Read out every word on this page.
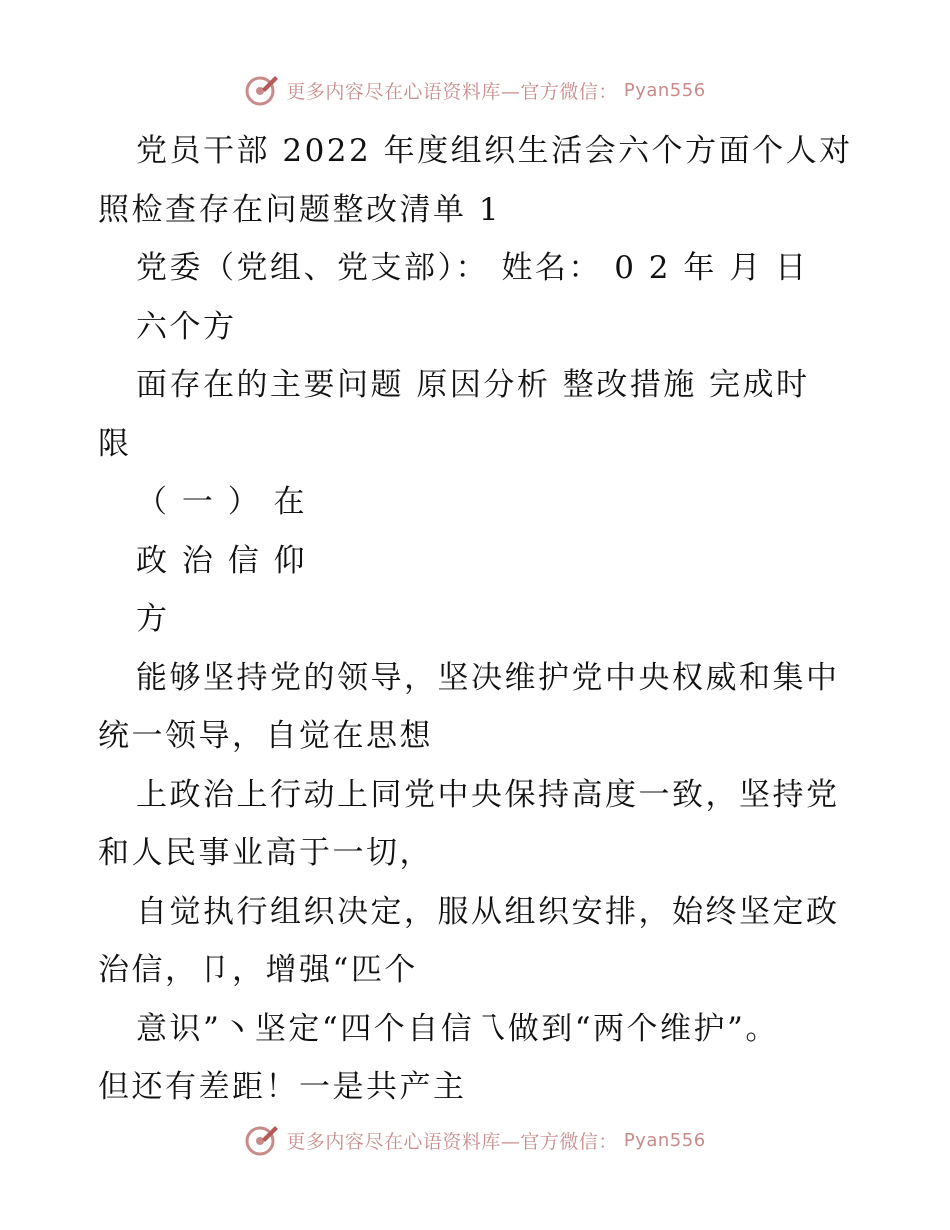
更多内容尽在心语资料库—官方微信： Pyan556
党员干部 2022 年度组织生活会六个方面个人对
照检查存在问题整改清单 1
党委（党组、党支部）： 姓名： 0 2 年 月 日
六个方
面存在的主要问题 原因分析 整改措施 完成时
限
（ 一 ） 在
政 治 信 仰
方
能够坚持党的领导，坚决维护党中央权威和集中
统一领导，自觉在思想
上政治上行动上同党中央保持高度一致，坚持党
和人民事业高于一切，
自觉执行组织决定，服从组织安排，始终坚定政
治信，卩，增强“匹个
意识”丶坚定“四个自信乁做到“两个维护”。
但还有差距！一是共产主
更多内容尽在心语资料库—官方微信： Pyan556
